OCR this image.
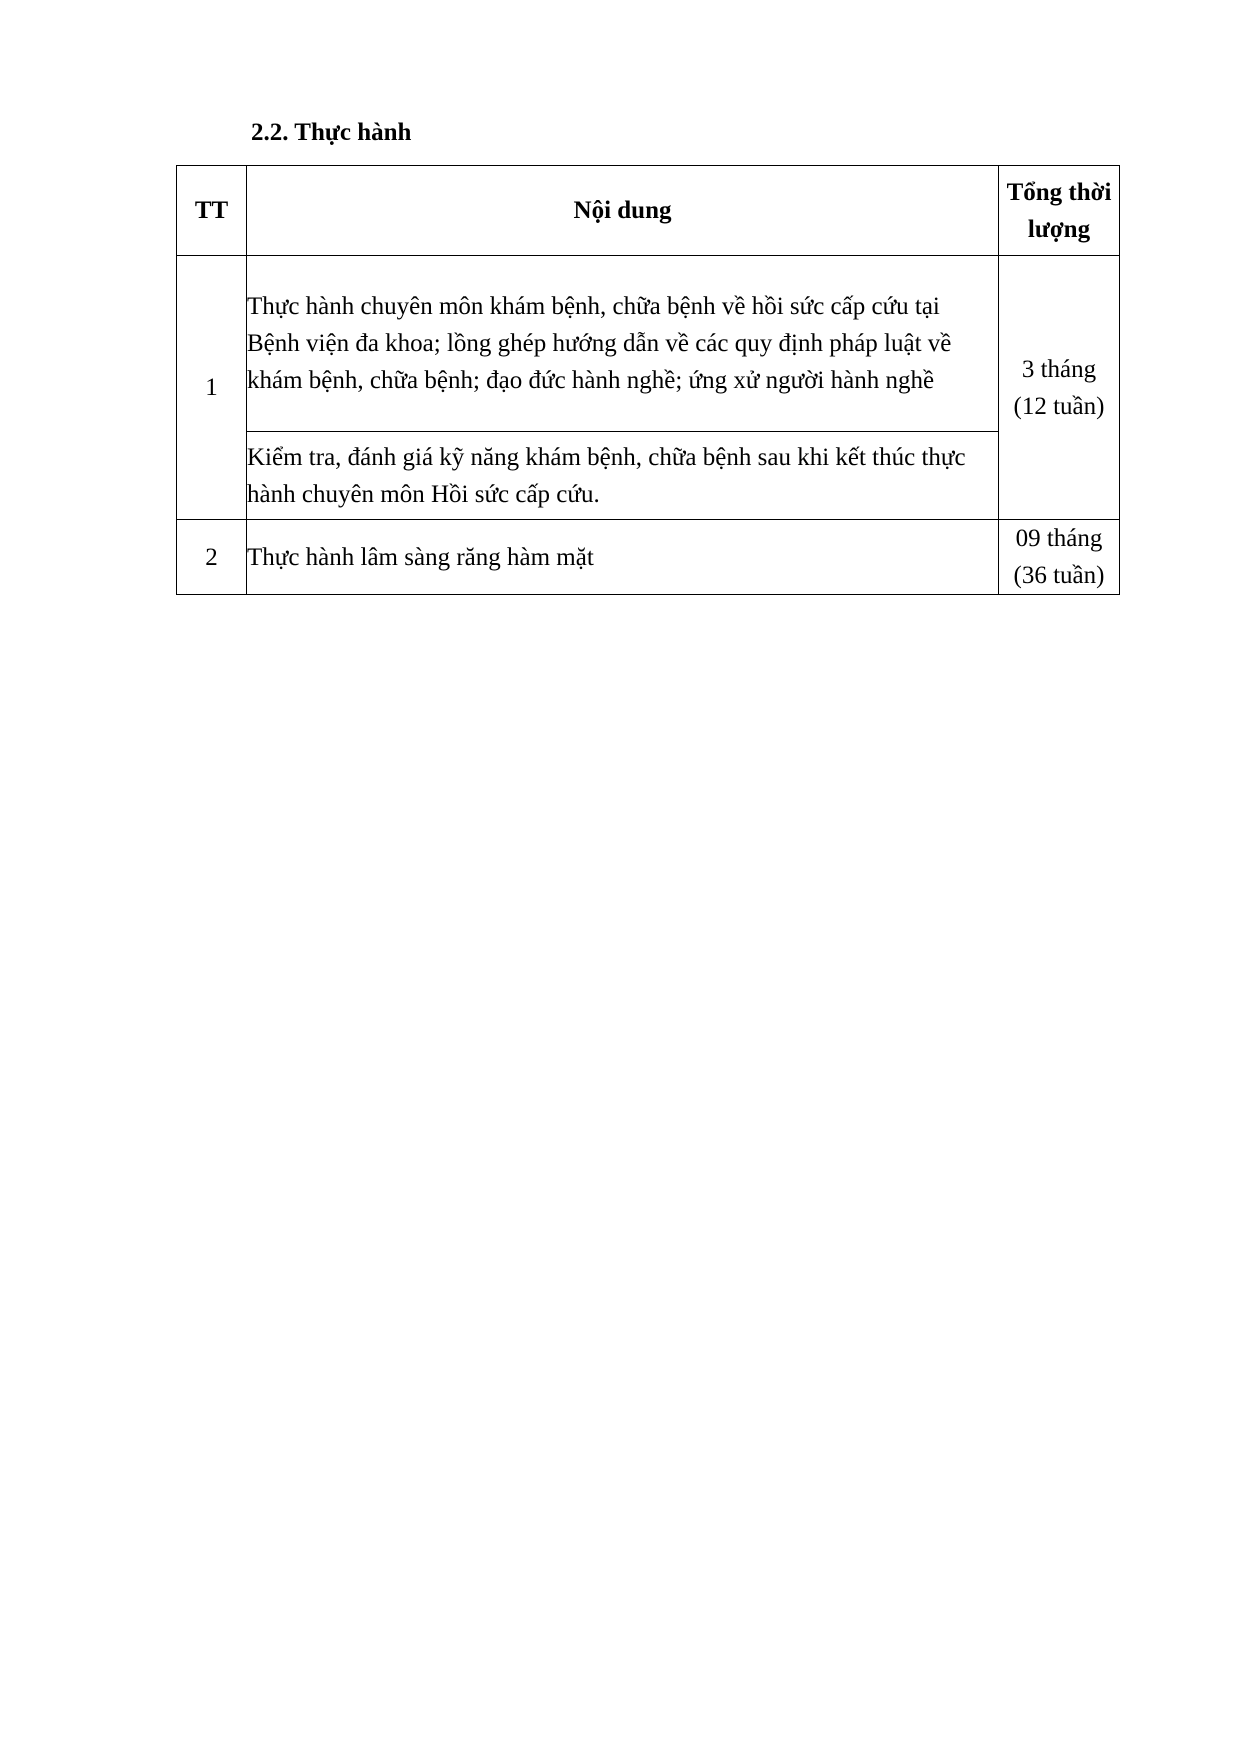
2.2. Thực hành
TT	Nội dung	Tổng thời lượng
1	Thực hành chuyên môn khám bệnh, chữa bệnh về hồi sức cấp cứu tại Bệnh viện đa khoa; lồng ghép hướng dẫn về các quy định pháp luật về khám bệnh, chữa bệnh; đạo đức hành nghề; ứng xử người hành nghề	3 tháng
(12 tuần)
	Kiểm tra, đánh giá kỹ năng khám bệnh, chữa bệnh sau khi kết thúc thực hành chuyên môn Hồi sức cấp cứu.	
2	Thực hành lâm sàng răng hàm mặt	09 tháng
(36 tuần)
